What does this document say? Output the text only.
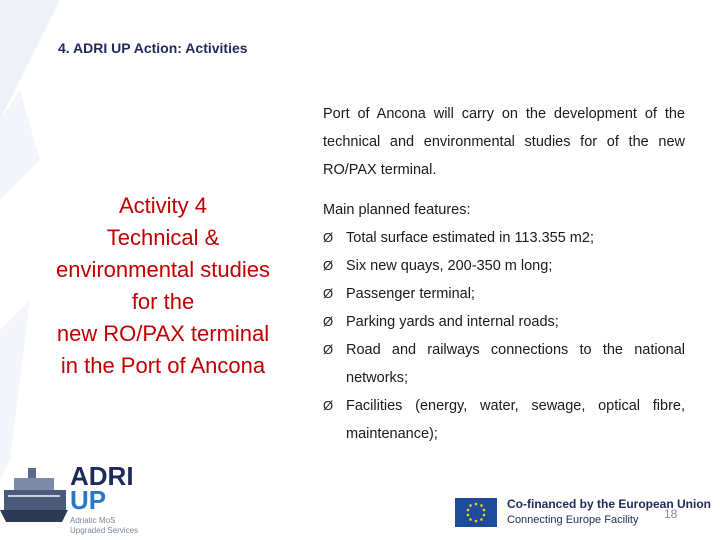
4. ADRI UP Action: Activities
Activity 4
Technical &
environmental studies
for the
new RO/PAX terminal
in the Port of Ancona

Port of Ancona will carry on the development of the technical and environmental studies for of the new RO/PAX terminal.

Main planned features:
Ø Total surface estimated in 113.355 m2;
Ø Six new quays, 200-350 m long;
Ø Passenger terminal;
Ø Parking yards and internal roads;
Ø Road and railways connections to the national networks;
Ø Facilities (energy, water, sewage, optical fibre, maintenance);
ADRI
UP
Adriatic MoS
Upgraded Services
Co-financed by the European Union
Connecting Europe Facility 18
